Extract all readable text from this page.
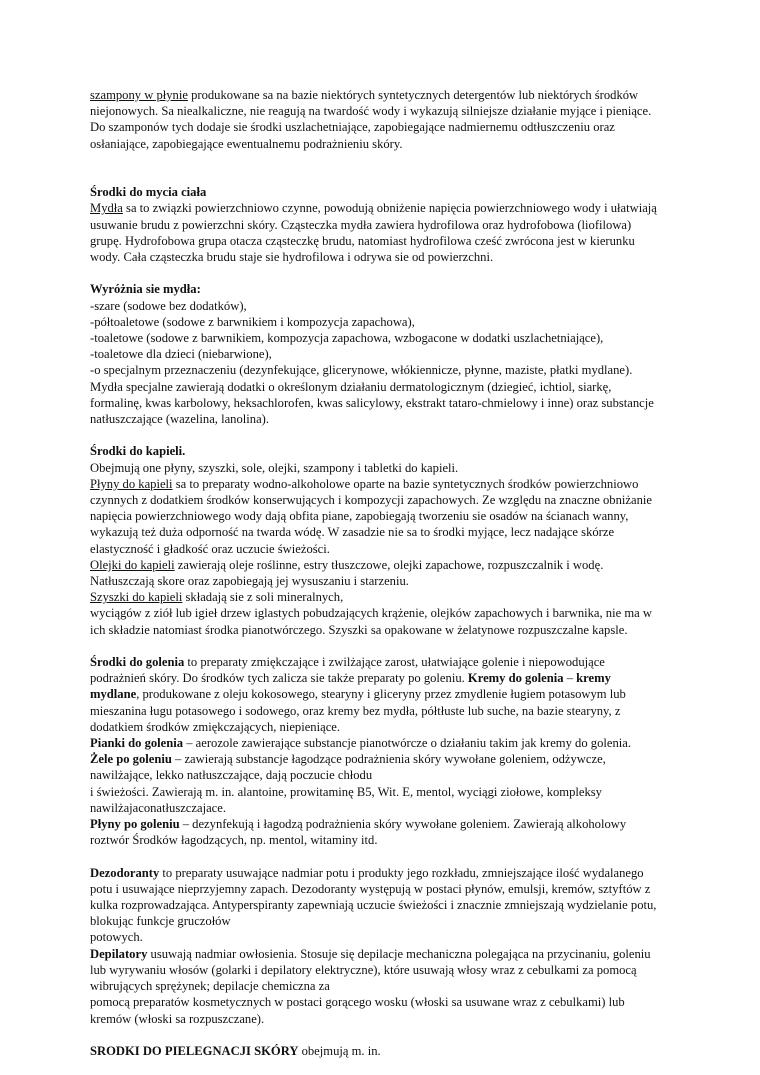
szampony w płynie produkowane sa na bazie niektórych syntetycznych detergentów lub niektórych środków

niejonowych. Sa niealkaliczne, nie reagują na twardość wody i wykazują silniejsze działanie myjące i pieniące.

Do szamponów tych dodaje sie środki uszlachetniające, zapobiegające nadmiernemu odtłuszczeniu oraz

osłaniające, zapobiegające ewentualnemu podrażnieniu skóry.

Środki do mycia ciała

Mydła sa to związki powierzchniowo czynne, powodują obniżenie napięcia powierzchniowego wody i ułatwiają

usuwanie brudu z powierzchni skóry. Cząsteczka mydła zawiera hydrofilowa oraz hydrofobowa (liofilowa)

grupę. Hydrofobowa grupa otacza cząsteczkę brudu, natomiast hydrofilowa cześć zwrócona jest w kierunku

wody. Cała cząsteczka brudu staje sie hydrofilowa i odrywa sie od powierzchni.

Wyróżnia sie mydła:

-szare (sodowe bez dodatków),

-półtoaletowe (sodowe z barwnikiem i kompozycja zapachowa),

-toaletowe (sodowe z barwnikiem, kompozycja zapachowa, wzbogacone w dodatki uszlachetniające),

-toaletowe dla dzieci (niebarwione),

-o specjalnym przeznaczeniu (dezynfekujące, glicerynowe, włókiennicze, płynne, maziste, płatki mydlane).

Mydła specjalne zawierają dodatki o określonym działaniu dermatologicznym (dziegieć, ichtiol, siarkę,

formalinę, kwas karbolowy, heksachlorofen, kwas salicylowy, ekstrakt tataro-chmielowy i inne) oraz substancje

natłuszczające (wazelina, lanolina).

Środki do kapieli.

Obejmują one płyny, szyszki, sole, olejki, szampony i tabletki do kapieli.

Płyny do kapieli sa to preparaty wodno-alkoholowe oparte na bazie syntetycznych środków powierzchniowo

czynnych z dodatkiem środków konserwujących i kompozycji zapachowych. Ze względu na znaczne obniżanie

napięcia powierzchniowego wody dają obfita piane, zapobiegają tworzeniu sie osadów na ścianach wanny,

wykazują też duża odporność na twarda wódę. W zasadzie nie sa to środki myjące, lecz nadające skórze

elastyczność i gładkość oraz uczucie świeżości.

Olejki do kapieli zawierają oleje roślinne, estry tłuszczowe, olejki zapachowe, rozpuszczalnik i wodę.

Natłuszczają skore oraz zapobiegają jej wysuszaniu i starzeniu.

Szyszki do kapieli składają sie z soli mineralnych,

wyciągów z ziół lub igieł drzew iglastych pobudzających krążenie, olejków zapachowych i barwnika, nie ma w

ich składzie natomiast środka pianotwórczego. Szyszki sa opakowane w żelatynowe rozpuszczalne kapsle.

Środki do golenia to preparaty zmiękczające i zwilżające zarost, ułatwiające golenie i niepowodujące

podrażnień skóry. Do środków tych zalicza sie także preparaty po goleniu. Kremy do golenia – kremy

mydlane, produkowane z oleju kokosowego, stearyny i gliceryny przez zmydlenie ługiem potasowym lub

mieszanina ługu potasowego i sodowego, oraz kremy bez mydła, półtłuste lub suche, na bazie stearyny, z

dodatkiem środków zmiękczających, niepieniące.

Pianki do golenia – aerozole zawierające substancje pianotwórcze o działaniu takim jak kremy do golenia.

Żele po goleniu – zawierają substancje łagodzące podrażnienia skóry wywołane goleniem, odżywcze,

nawilżające, lekko natłuszczające, dają poczucie chłodu

i świeżości. Zawierają m. in. alantoine, prowitaminę B5, Wit. E, mentol, wyciągi ziołowe, kompleksy

nawilżajaconatłuszczajace.

Płyny po goleniu – dezynfekują i łagodzą podrażnienia skóry wywołane goleniem. Zawierają alkoholowy

roztwór Środków łagodzących, np. mentol, witaminy itd.

Dezodoranty to preparaty usuwające nadmiar potu i produkty jego rozkładu, zmniejszające ilość wydalanego

potu i usuwające nieprzyjemny zapach. Dezodoranty występują w postaci płynów, emulsji, kremów, sztyftów z

kulka rozprowadzająca. Antyperspiranty zapewniają uczucie świeżości i znacznie zmniejszają wydzielanie potu,

blokując funkcje gruczołów

potowych.

Depilatory usuwają nadmiar owłosienia. Stosuje się depilacje mechaniczna polegająca na przycinaniu, goleniu

lub wyrywaniu włosów (golarki i depilatory elektryczne), które usuwają włosy wraz z cebulkami za pomocą

wibrujących sprężynek; depilacje chemiczna za

pomocą preparatów kosmetycznych w postaci gorącego wosku (włoski sa usuwane wraz z cebulkami) lub

kremów (włoski sa rozpuszczane).

SRODKI DO PIELEGNACJI SKÓRY obejmują m. in.
